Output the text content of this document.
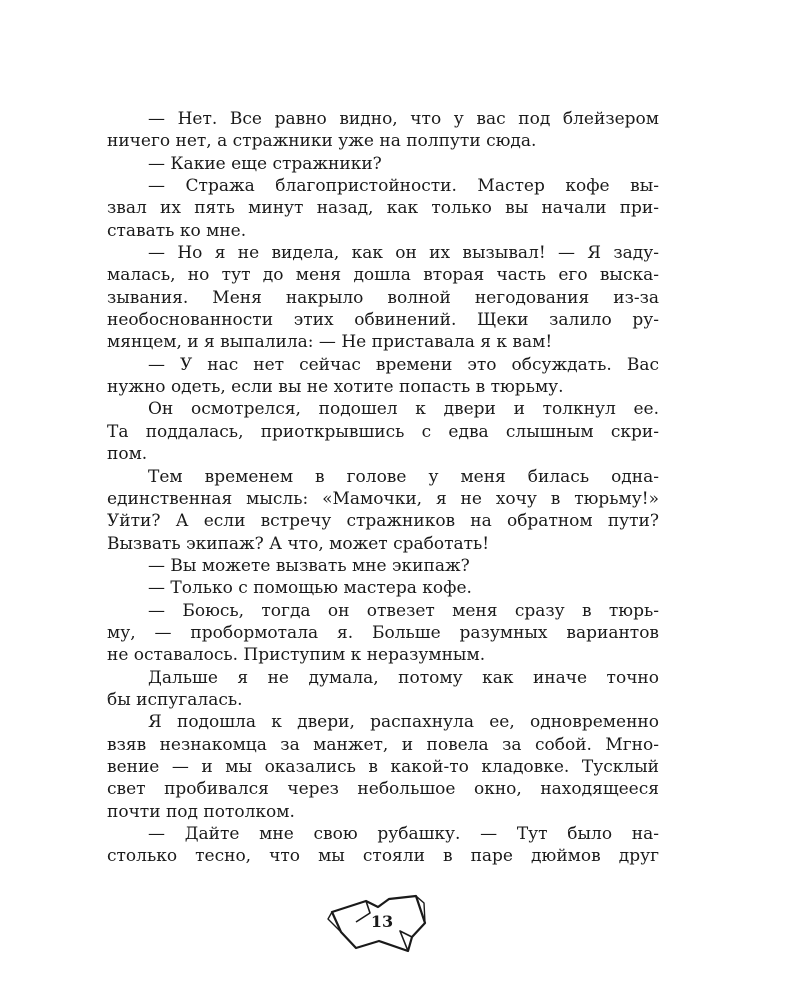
— Нет. Все равно видно, что у вас под блейзером
ничего нет, а стражники уже на полпути сюда.
— Какие еще стражники?
— Стража благопристойности. Мастер кофе вы-
звал их пять минут назад, как только вы начали при-
ставать ко мне.
— Но я не видела, как он их вызывал! — Я заду-
малась, но тут до меня дошла вторая часть его выска-
зывания. Меня накрыло волной негодования из-за
необоснованности этих обвинений. Щеки залило ру-
мянцем, и я выпалила: — Не приставала я к вам!
— У нас нет сейчас времени это обсуждать. Вас
нужно одеть, если вы не хотите попасть в тюрьму.
Он осмотрелся, подошел к двери и толкнул ее.
Та поддалась, приоткрывшись с едва слышным скри-
пом.
Тем временем в голове у меня билась одна-
единственная мысль: «Мамочки, я не хочу в тюрьму!»
Уйти? А если встречу стражников на обратном пути?
Вызвать экипаж? А что, может сработать!
— Вы можете вызвать мне экипаж?
— Только с помощью мастера кофе.
— Боюсь, тогда он отвезет меня сразу в тюрь-
му, — пробормотала я. Больше разумных вариантов
не оставалось. Приступим к неразумным.
Дальше я не думала, потому как иначе точно
бы испугалась.
Я подошла к двери, распахнула ее, одновременно
взяв незнакомца за манжет, и повела за собой. Мгно-
вение — и мы оказались в какой-то кладовке. Тусклый
свет пробивался через небольшое окно, находящееся
почти под потолком.
— Дайте мне свою рубашку. — Тут было на-
столько тесно, что мы стояли в паре дюймов друг
13
